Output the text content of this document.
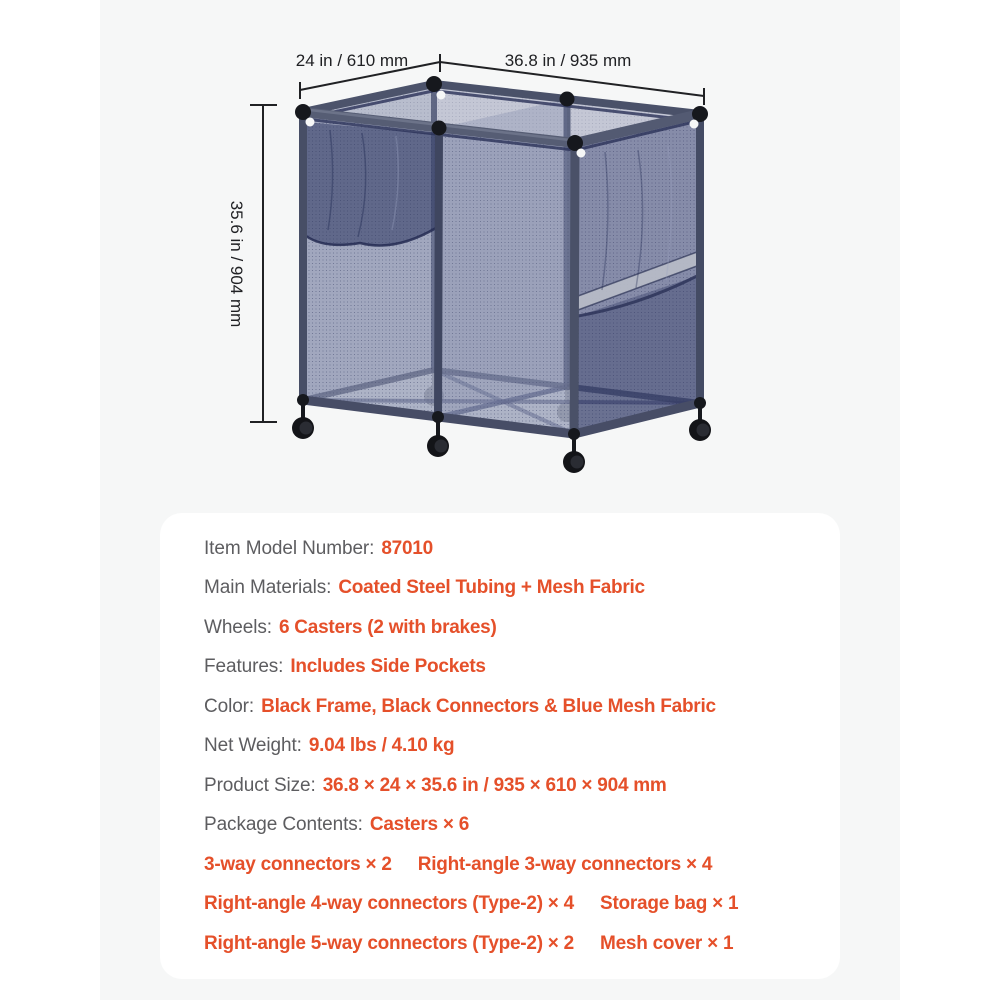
24 in / 610 mm	36.8 in / 935 mm
35.6 in / 904 mm
Item Model Number: 87010
Main Materials: Coated Steel Tubing + Mesh Fabric
Wheels: 6 Casters (2 with brakes)
Features: Includes Side Pockets
Color: Black Frame, Black Connectors & Blue Mesh Fabric
Net Weight: 9.04 lbs / 4.10 kg
Product Size: 36.8 × 24 × 35.6 in / 935 × 610 × 904 mm
Package Contents: Casters × 6
3-way connectors × 2 Right-angle 3-way connectors × 4
Right-angle 4-way connectors (Type-2) × 4 Storage bag × 1
Right-angle 5-way connectors (Type-2) × 2 Mesh cover × 1
